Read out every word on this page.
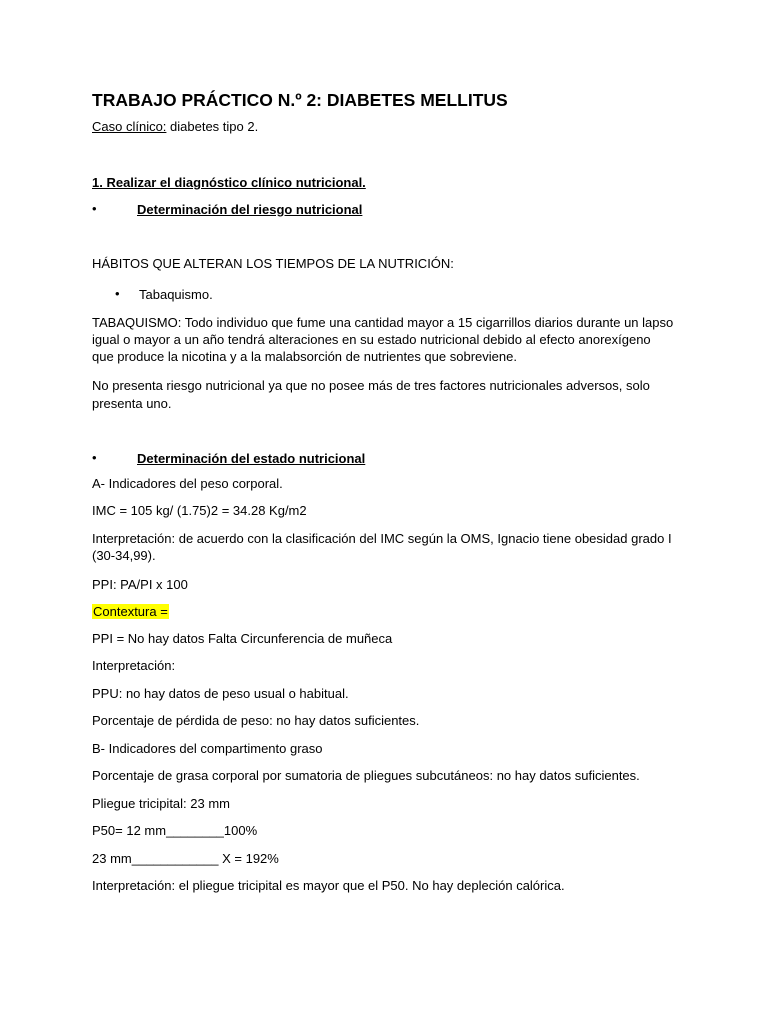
TRABAJO PRÁCTICO N.º 2: DIABETES MELLITUS
Caso clínico: diabetes tipo 2.
1. Realizar el diagnóstico clínico nutricional.
•	Determinación del riesgo nutricional
HÁBITOS QUE ALTERAN LOS TIEMPOS DE LA NUTRICIÓN:
• Tabaquismo.
TABAQUISMO: Todo individuo que fume una cantidad mayor a 15 cigarrillos diarios durante un lapso
igual o mayor a un año tendrá alteraciones en su estado nutricional debido al efecto anorexígeno
que produce la nicotina y a la malabsorción de nutrientes que sobreviene.
No presenta riesgo nutricional ya que no posee más de tres factores nutricionales adversos, solo
presenta uno.
•	Determinación del estado nutricional
A- Indicadores del peso corporal.
IMC = 105 kg/ (1.75)2 = 34.28 Kg/m2
Interpretación: de acuerdo con la clasificación del IMC según la OMS, Ignacio tiene obesidad grado I
(30-34,99).
PPI: PA/PI x 100
Contextura =
PPI = No hay datos Falta Circunferencia de muñeca
Interpretación:
PPU: no hay datos de peso usual o habitual.
Porcentaje de pérdida de peso: no hay datos suficientes.
B- Indicadores del compartimento graso
Porcentaje de grasa corporal por sumatoria de pliegues subcutáneos: no hay datos suficientes.
Pliegue tricipital: 23 mm
P50= 12 mm________100%
23 mm____________ X = 192%
Interpretación: el pliegue tricipital es mayor que el P50. No hay depleción calórica.
